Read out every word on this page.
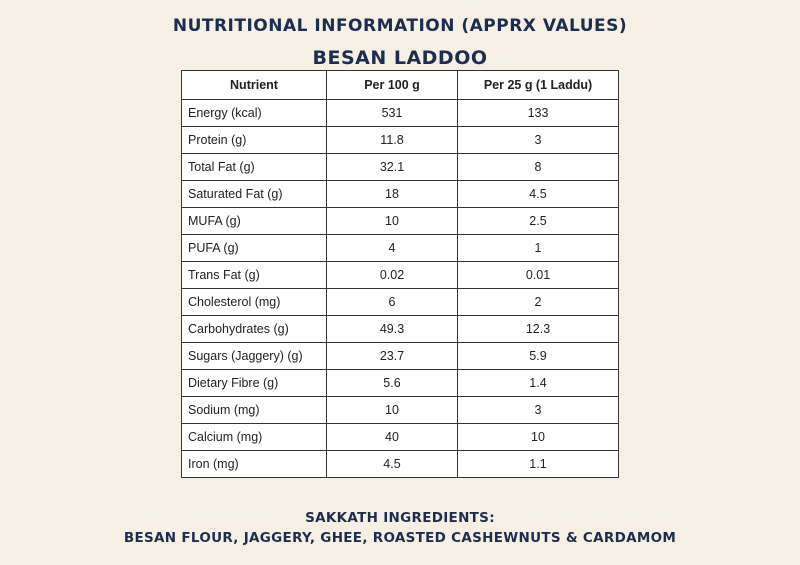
NUTRITIONAL INFORMATION (APPRX VALUES)
BESAN LADDOO
Nutrient	Per 100 g	Per 25 g (1 Laddu)
Energy (kcal)	531	133
Protein (g)	11.8	3
Total Fat (g)	32.1	8
Saturated Fat (g)	18	4.5
MUFA (g)	10	2.5
PUFA (g)	4	1
Trans Fat (g)	0.02	0.01
Cholesterol (mg)	6	2
Carbohydrates (g)	49.3	12.3
Sugars (Jaggery) (g)	23.7	5.9
Dietary Fibre (g)	5.6	1.4
Sodium (mg)	10	3
Calcium (mg)	40	10
Iron (mg)	4.5	1.1
SAKKATH INGREDIENTS:
BESAN FLOUR, JAGGERY, GHEE, ROASTED CASHEWNUTS & CARDAMOM
